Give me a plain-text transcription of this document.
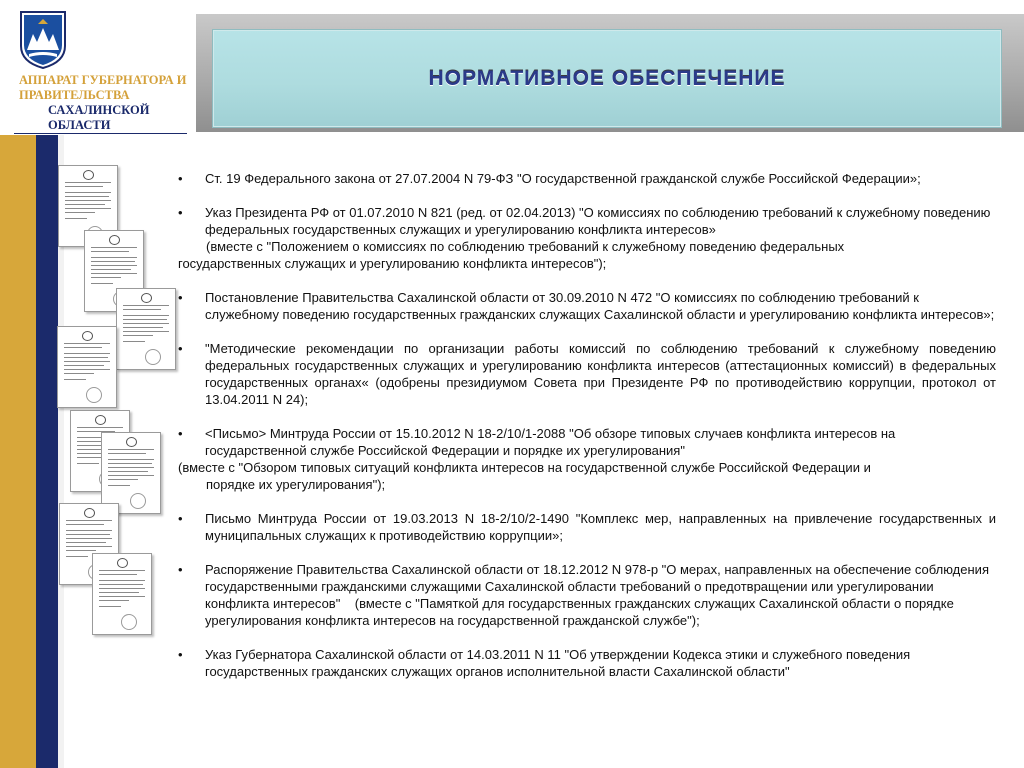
АППАРАТ ГУБЕРНАТОРА И
ПРАВИТЕЛЬСТВА
САХАЛИНСКОЙ
ОБЛАСТИ
НОРМАТИВНОЕ ОБЕСПЕЧЕНИЕ
• Ст. 19 Федерального закона от 27.07.2004 N 79-ФЗ "О государственной гражданской службе Российской Федерации»;
• Указ Президента РФ от 01.07.2010 N 821 (ред. от 02.04.2013) "О комиссиях по соблюдению требований к служебному поведению федеральных государственных служащих и урегулированию конфликта интересов»
(вместе с "Положением о комиссиях по соблюдению требований к служебному поведению федеральных
государственных служащих и урегулированию конфликта интересов");
• Постановление Правительства Сахалинской области от 30.09.2010 N 472 "О комиссиях по соблюдению требований к служебному поведению государственных гражданских служащих Сахалинской области и урегулированию конфликта интересов»;
• "Методические рекомендации по организации работы комиссий по соблюдению требований к служебному поведению федеральных государственных служащих и урегулированию конфликта интересов (аттестационных комиссий) в федеральных государственных органах« (одобрены президиумом Совета при Президенте РФ по противодействию коррупции, протокол от 13.04.2011 N 24);
• <Письмо> Минтруда России от 15.10.2012 N 18-2/10/1-2088 "Об обзоре типовых случаев конфликта интересов на государственной службе Российской Федерации и порядке их урегулирования"
(вместе с "Обзором типовых ситуаций конфликта интересов на государственной службе Российской Федерации и
порядке их урегулирования");
• Письмо Минтруда России от 19.03.2013 N 18-2/10/2-1490 "Комплекс мер, направленных на привлечение государственных и муниципальных служащих к противодействию коррупции»;
• Распоряжение Правительства Сахалинской области от 18.12.2012 N 978-р "О мерах, направленных на обеспечение соблюдения государственными гражданскими служащими Сахалинской области требований о предотвращении или урегулировании конфликта интересов"    (вместе с "Памяткой для государственных гражданских служащих Сахалинской области о порядке урегулирования конфликта интересов на государственной гражданской службе");
• Указ Губернатора Сахалинской области от 14.03.2011 N 11 "Об утверждении Кодекса этики и служебного поведения государственных гражданских служащих органов исполнительной власти Сахалинской области"
